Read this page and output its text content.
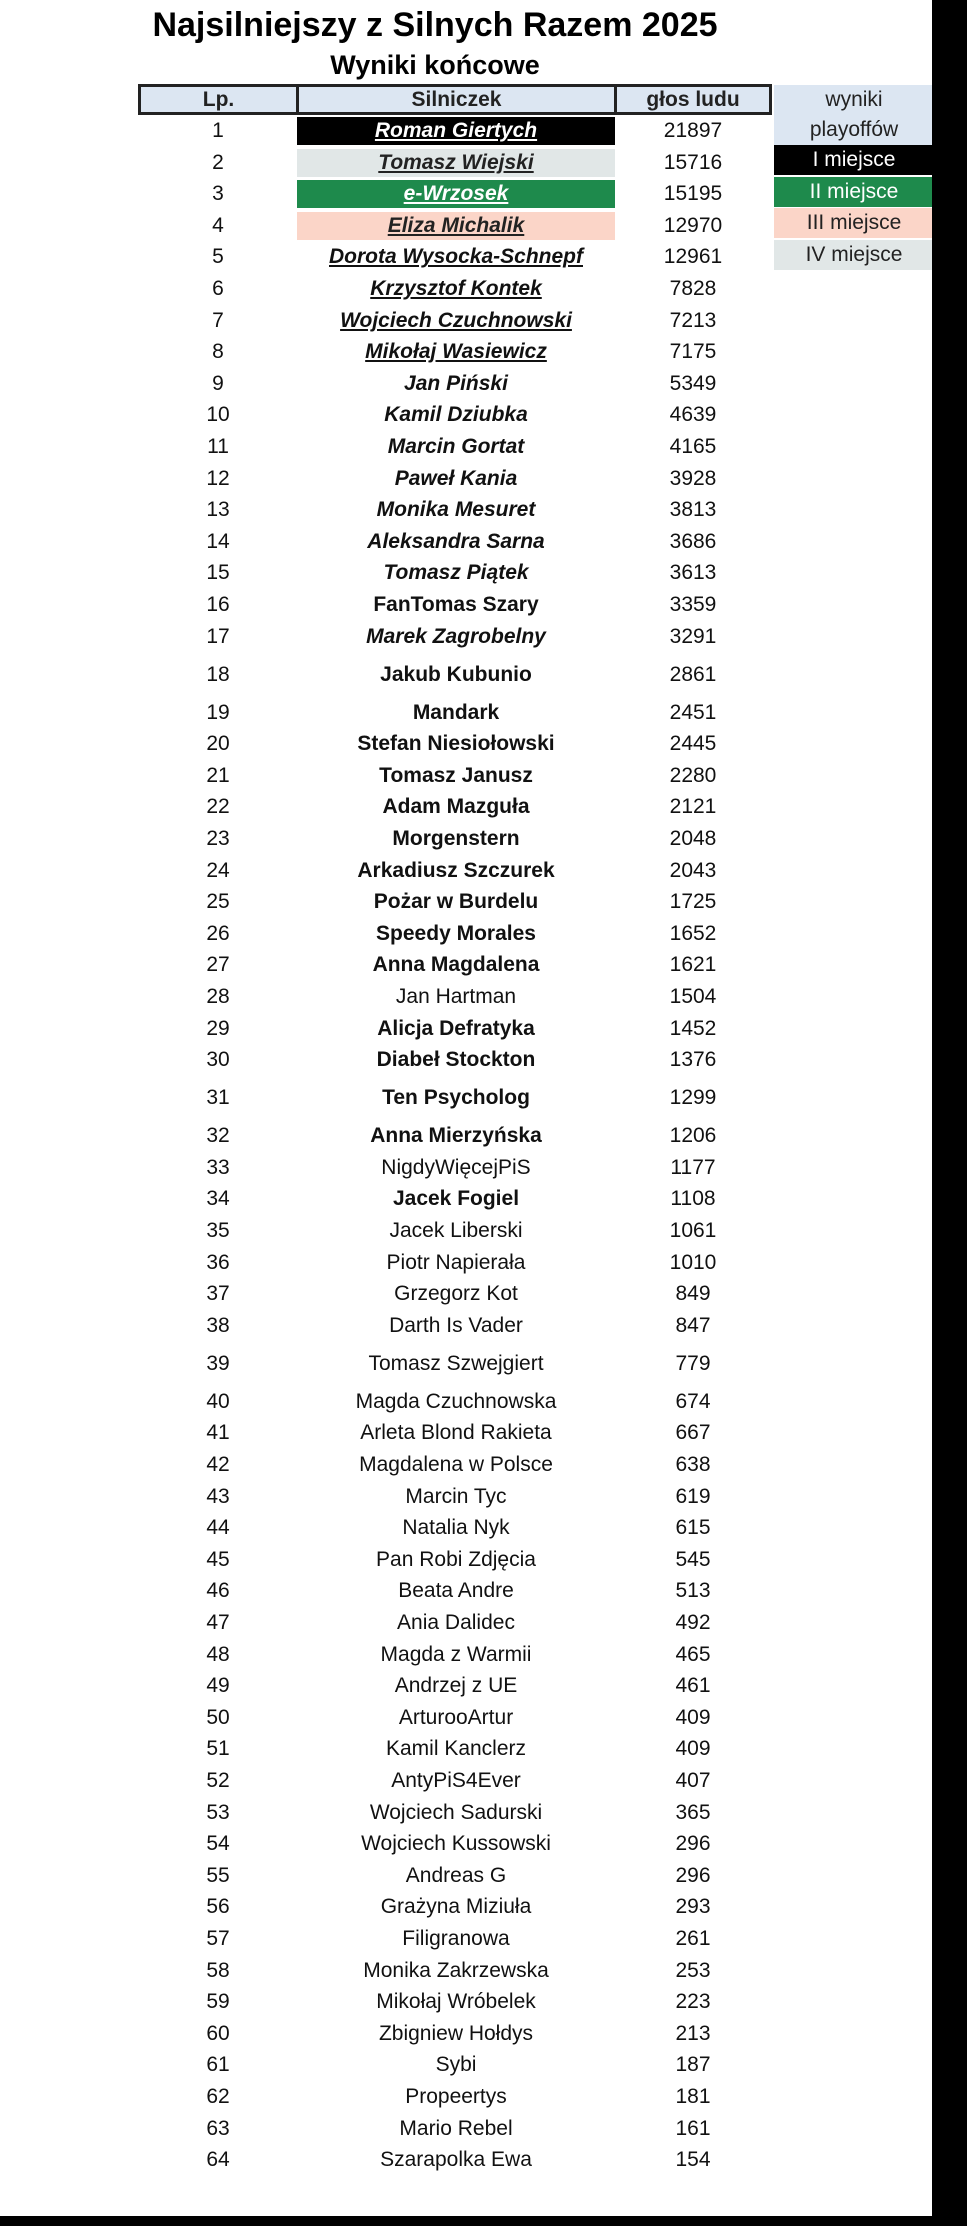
Najsilniejszy z Silnych Razem 2025
Wyniki końcowe
Lp.	Silniczek	głos ludu
1	Roman Giertych	21897
2	Tomasz Wiejski	15716
3	e-Wrzosek	15195
4	Eliza Michalik	12970
5	Dorota Wysocka-Schnepf	12961
6	Krzysztof Kontek	7828
7	Wojciech Czuchnowski	7213
8	Mikołaj Wasiewicz	7175
9	Jan Piński	5349
10	Kamil Dziubka	4639
11	Marcin Gortat	4165
12	Paweł Kania	3928
13	Monika Mesuret	3813
14	Aleksandra Sarna	3686
15	Tomasz Piątek	3613
16	FanTomas Szary	3359
17	Marek Zagrobelny	3291
18	Jakub Kubunio	2861
19	Mandark	2451
20	Stefan Niesiołowski	2445
21	Tomasz Janusz	2280
22	Adam Mazguła	2121
23	Morgenstern	2048
24	Arkadiusz Szczurek	2043
25	Pożar w Burdelu	1725
26	Speedy Morales	1652
27	Anna Magdalena	1621
28	Jan Hartman	1504
29	Alicja Defratyka	1452
30	Diabeł Stockton	1376
31	Ten Psycholog	1299
32	Anna Mierzyńska	1206
33	NigdyWięcejPiS	1177
34	Jacek Fogiel	1108
35	Jacek Liberski	1061
36	Piotr Napierała	1010
37	Grzegorz Kot	849
38	Darth Is Vader	847
39	Tomasz Szwejgiert	779
40	Magda Czuchnowska	674
41	Arleta Blond Rakieta	667
42	Magdalena w Polsce	638
43	Marcin Tyc	619
44	Natalia Nyk	615
45	Pan Robi Zdjęcia	545
46	Beata Andre	513
47	Ania Dalidec	492
48	Magda z Warmii	465
49	Andrzej z UE	461
50	ArturooArtur	409
51	Kamil Kanclerz	409
52	AntyPiS4Ever	407
53	Wojciech Sadurski	365
54	Wojciech Kussowski	296
55	Andreas G	296
56	Grażyna Miziuła	293
57	Filigranowa	261
58	Monika Zakrzewska	253
59	Mikołaj Wróbelek	223
60	Zbigniew Hołdys	213
61	Sybi	187
62	Propeertys	181
63	Mario Rebel	161
64	Szarapolka Ewa	154
wyniki
playoffów
I miejsce
II miejsce
III miejsce
IV miejsce
